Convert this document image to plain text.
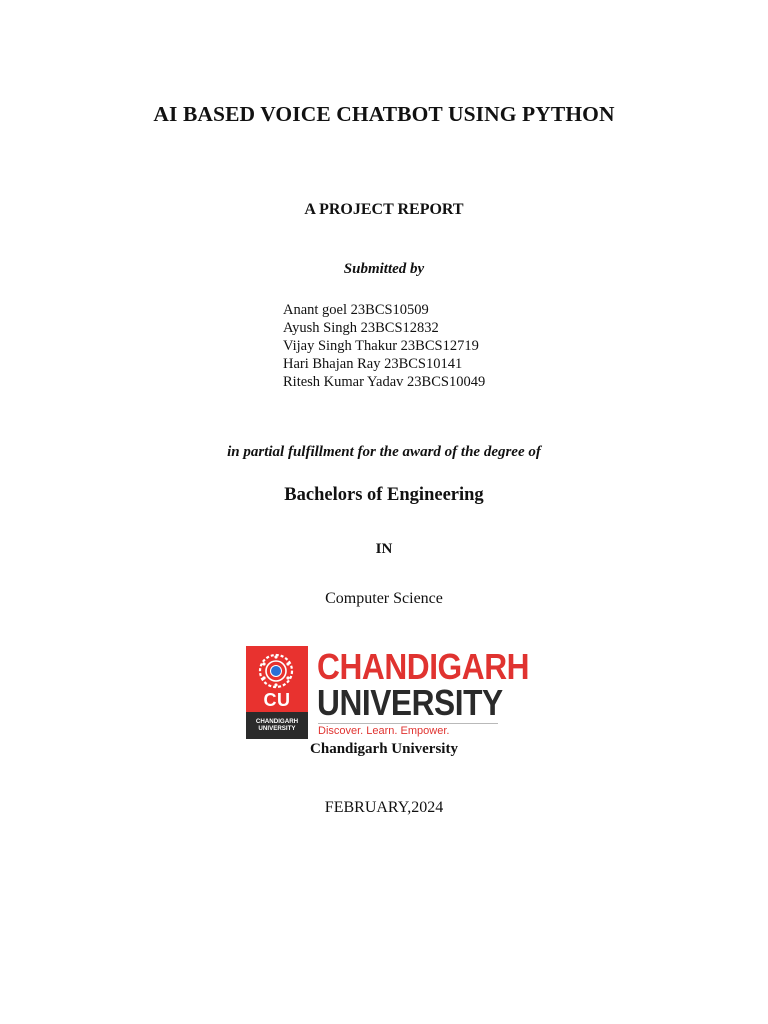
AI BASED VOICE CHATBOT USING PYTHON
A PROJECT REPORT
Submitted by
Anant goel 23BCS10509
Ayush Singh 23BCS12832
Vijay Singh Thakur 23BCS12719
Hari Bhajan Ray 23BCS10141
Ritesh Kumar Yadav 23BCS10049
in partial fulfillment for the award of the degree of
Bachelors of Engineering
IN
Computer Science
CU
CHANDIGARH
UNIVERSITY
CHANDIGARH
UNIVERSITY
Discover. Learn. Empower.
Chandigarh University
FEBRUARY,2024
